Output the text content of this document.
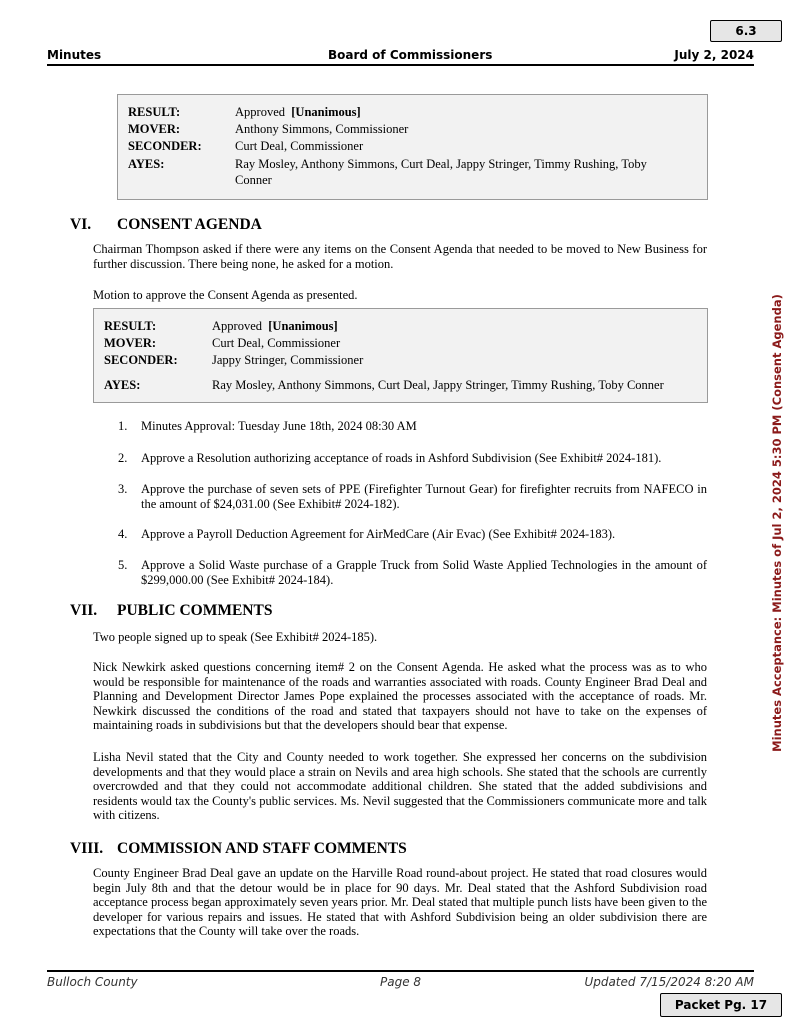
6.3
Minutes	Board of Commissioners	July 2, 2024
RESULT:	Approved [Unanimous]
MOVER:	Anthony Simmons, Commissioner
SECONDER:	Curt Deal, Commissioner
AYES:	Ray Mosley, Anthony Simmons, Curt Deal, Jappy Stringer, Timmy Rushing, Toby Conner
VI. CONSENT AGENDA
Chairman Thompson asked if there were any items on the Consent Agenda that needed to be moved to New Business for further discussion. There being none, he asked for a motion.
Motion to approve the Consent Agenda as presented.
RESULT:	Approved [Unanimous]
MOVER:	Curt Deal, Commissioner
SECONDER:	Jappy Stringer, Commissioner
AYES:	Ray Mosley, Anthony Simmons, Curt Deal, Jappy Stringer, Timmy Rushing, Toby Conner
1. Minutes Approval: Tuesday June 18th, 2024 08:30 AM
2. Approve a Resolution authorizing acceptance of roads in Ashford Subdivision (See Exhibit# 2024-181).
3. Approve the purchase of seven sets of PPE (Firefighter Turnout Gear) for firefighter recruits from NAFECO in the amount of $24,031.00 (See Exhibit# 2024-182).
4. Approve a Payroll Deduction Agreement for AirMedCare (Air Evac) (See Exhibit# 2024-183).
5. Approve a Solid Waste purchase of a Grapple Truck from Solid Waste Applied Technologies in the amount of $299,000.00 (See Exhibit# 2024-184).
VII. PUBLIC COMMENTS
Two people signed up to speak (See Exhibit# 2024-185).
Nick Newkirk asked questions concerning item# 2 on the Consent Agenda. He asked what the process was as to who would be responsible for maintenance of the roads and warranties associated with roads. County Engineer Brad Deal and Planning and Development Director James Pope explained the processes associated with the acceptance of roads. Mr. Newkirk discussed the conditions of the road and stated that taxpayers should not have to take on the expenses of maintaining roads in subdivisions but that the developers should bear that expense.
Lisha Nevil stated that the City and County needed to work together. She expressed her concerns on the subdivision developments and that they would place a strain on Nevils and area high schools. She stated that the schools are currently overcrowded and that they could not accommodate additional children. She stated that the added subdivisions and residents would tax the County's public services. Ms. Nevil suggested that the Commissioners communicate more and talk with citizens.
VIII. COMMISSION AND STAFF COMMENTS
County Engineer Brad Deal gave an update on the Harville Road round-about project. He stated that road closures would begin July 8th and that the detour would be in place for 90 days. Mr. Deal stated that the Ashford Subdivision road acceptance process began approximately seven years prior. Mr. Deal stated that multiple punch lists have been given to the developer for various repairs and issues. He stated that with Ashford Subdivision being an older subdivision there are expectations that the County will take over the roads.
Bulloch County	Page 8	Updated 7/15/2024 8:20 AM
Packet Pg. 17
Minutes Acceptance: Minutes of Jul 2, 2024 5:30 PM (Consent Agenda)
